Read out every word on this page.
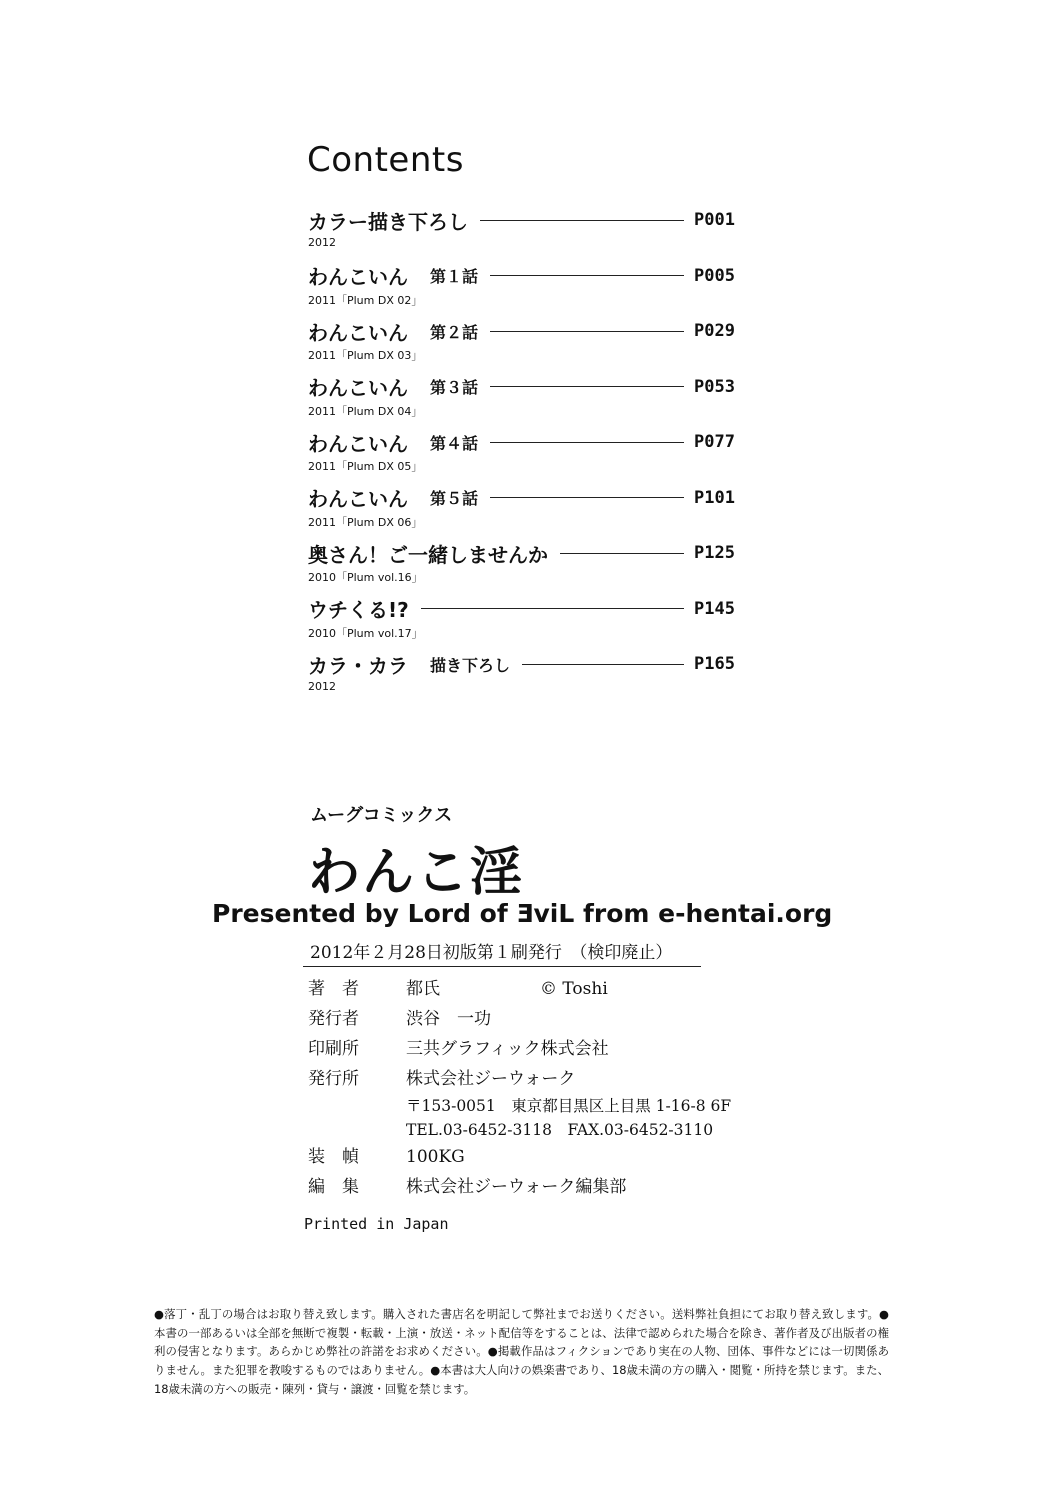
Contents
カラー描き下ろし	P001
2012
わんこいん 第１話	P005
2011「Plum DX 02」
わんこいん 第２話	P029
2011「Plum DX 03」
わんこいん 第３話	P053
2011「Plum DX 04」
わんこいん 第４話	P077
2011「Plum DX 05」
わんこいん 第５話	P101
2011「Plum DX 06」
奥さん！ご一緒しませんか	P125
2010「Plum vol.16」
ウチくる!?	P145
2010「Plum vol.17」
カラ・カラ 描き下ろし	P165
2012
ムーグコミックス
わんこ淫
Presented by Lord of ƎviL from e-hentai.org
2012年２月28日初版第１刷発行　（検印廃止）
著　者	都氏	© Toshi
発行者	渋谷　一功
印刷所	三共グラフィック株式会社
発行所	株式会社ジーウォーク
〒153-0051　東京都目黒区上目黒 1-16-8 6F
TEL.03-6452-3118　FAX.03-6452-3110
装　幀	100KG
編　集	株式会社ジーウォーク編集部
Printed in Japan
●落丁・乱丁の場合はお取り替え致します。購入された書店名を明記して弊社までお送りください。送料弊社負担にてお取り替え致します。●本書の一部あるいは全部を無断で複製・転載・上演・放送・ネット配信等をすることは、法律で認められた場合を除き、著作者及び出版者の権利の侵害となります。あらかじめ弊社の許諾をお求めください。●掲載作品はフィクションであり実在の人物、団体、事件などには一切関係ありません。また犯罪を教唆するものではありません。●本書は大人向けの娯楽書であり、18歳未満の方の購入・閲覧・所持を禁じます。また、18歳未満の方への販売・陳列・貸与・譲渡・回覧を禁じます。
